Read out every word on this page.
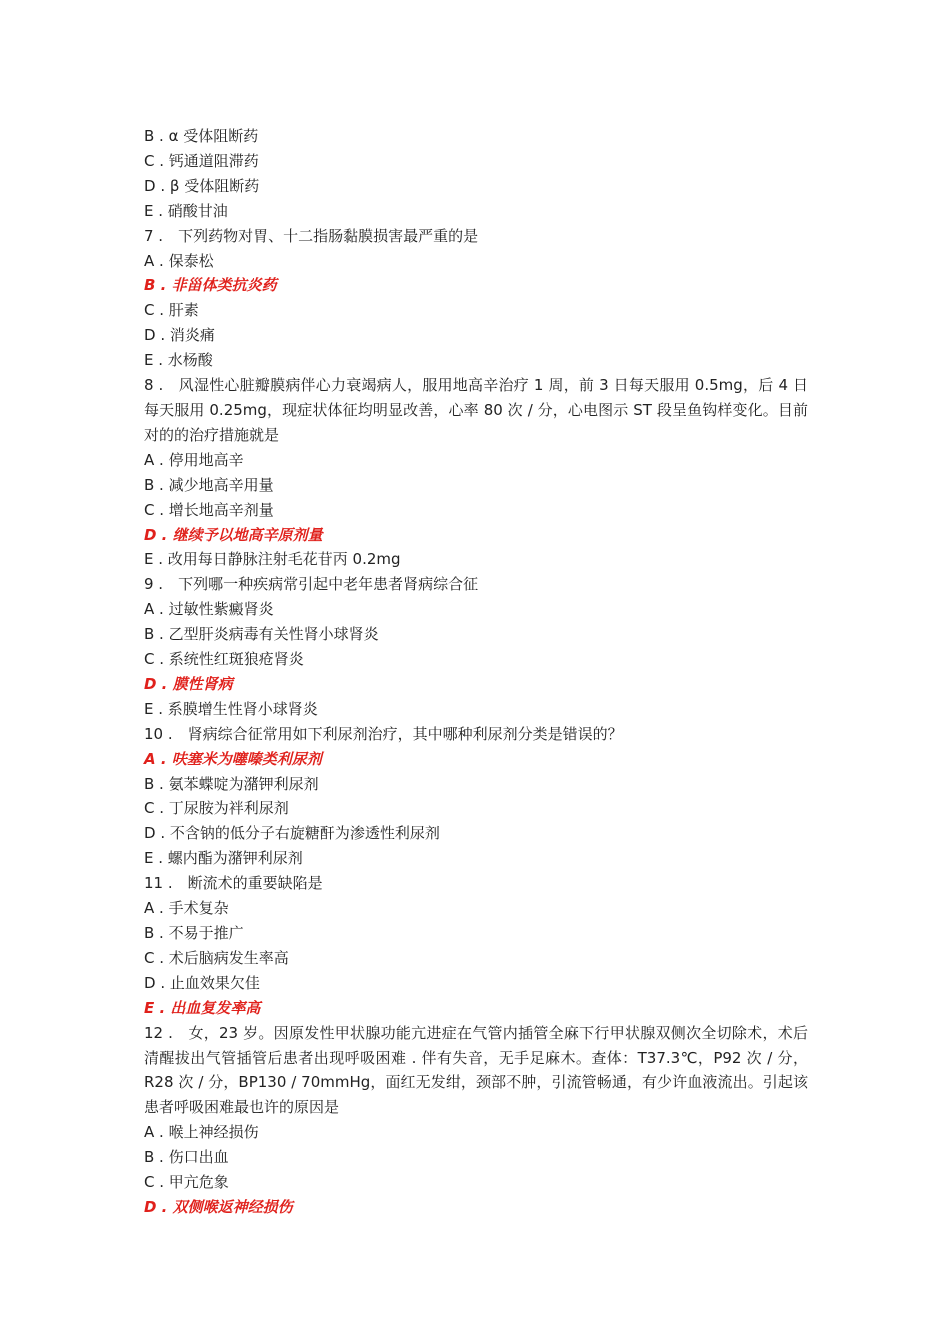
B . α 受体阻断药
C . 钙通道阻滞药
D . β 受体阻断药
E . 硝酸甘油
7 .　下列药物对胃、十二指肠黏膜损害最严重的是
A . 保泰松
B . 非甾体类抗炎药
C . 肝素
D . 消炎痛
E . 水杨酸
8 .　风湿性心脏瓣膜病伴心力衰竭病人，服用地高辛治疗 1 周，前 3 日每天服用 0.5mg，后 4 日每天服用 0.25mg，现症状体征均明显改善，心率 80 次 / 分，心电图示 ST 段呈鱼钩样变化。目前对的的治疗措施就是
A . 停用地高辛
B . 减少地高辛用量
C . 增长地高辛剂量
D . 继续予以地高辛原剂量
E . 改用每日静脉注射毛花苷丙 0.2mg
9 .　下列哪一种疾病常引起中老年患者肾病综合征
A . 过敏性紫癜肾炎
B . 乙型肝炎病毒有关性肾小球肾炎
C . 系统性红斑狼疮肾炎
D . 膜性肾病
E . 系膜增生性肾小球肾炎
10 .　肾病综合征常用如下利尿剂治疗，其中哪种利尿剂分类是错误的？
A . 呋塞米为噻嗪类利尿剂
B . 氨苯蝶啶为潴钾利尿剂
C . 丁尿胺为袢利尿剂
D . 不含钠的低分子右旋糖酐为渗透性利尿剂
E . 螺内酯为潴钾利尿剂
11 .　断流术的重要缺陷是
A . 手术复杂
B . 不易于推广
C . 术后脑病发生率高
D . 止血效果欠佳
E . 出血复发率高
12 .　女，23 岁。因原发性甲状腺功能亢进症在气管内插管全麻下行甲状腺双侧次全切除术，术后清醒拔出气管插管后患者出现呼吸困难 . 伴有失音，无手足麻木。查体：T37.3℃，P92 次 / 分，R28 次 / 分，BP130 / 70mmHg，面红无发绀，颈部不肿，引流管畅通，有少许血液流出。引起该患者呼吸困难最也许的原因是
A . 喉上神经损伤
B . 伤口出血
C . 甲亢危象
D . 双侧喉返神经损伤
